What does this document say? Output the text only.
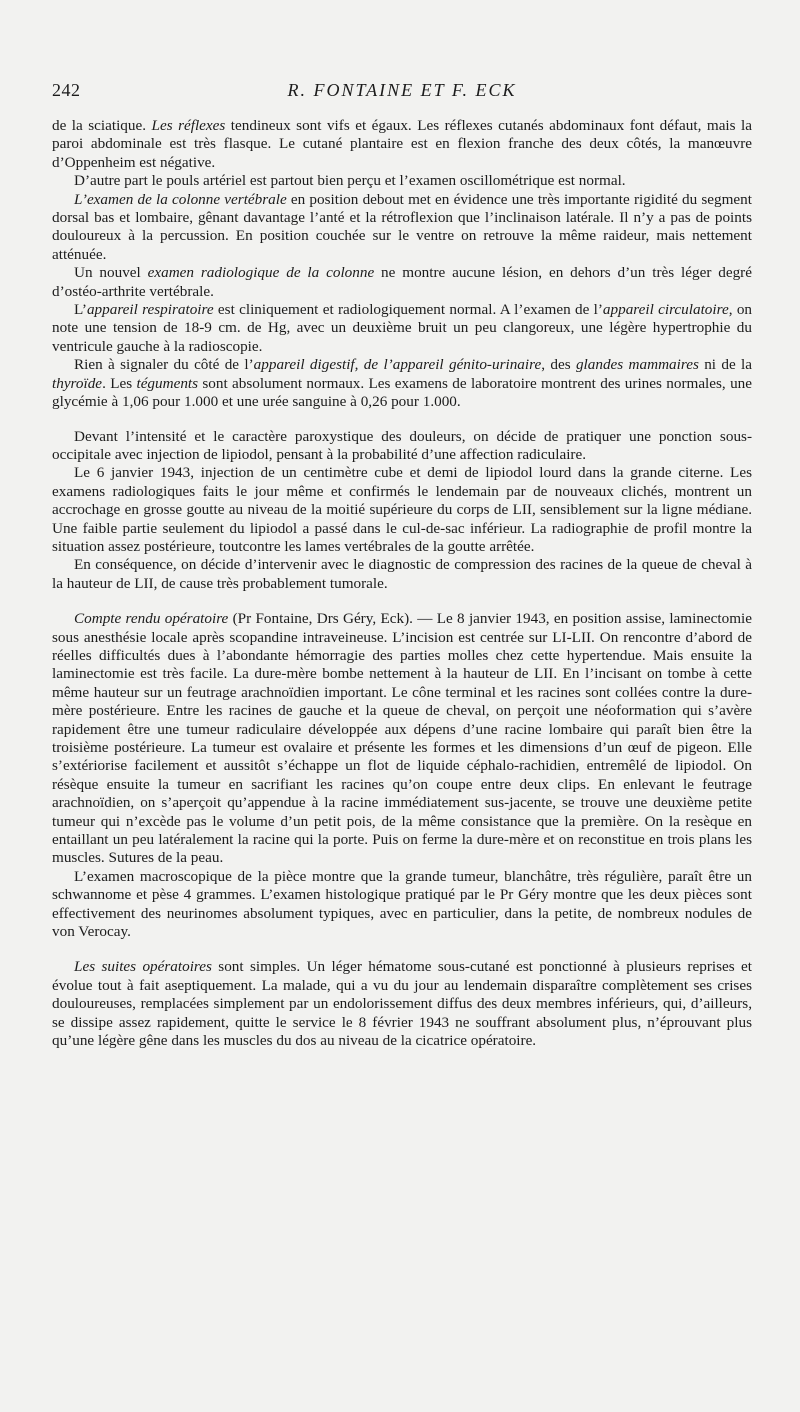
242	R. FONTAINE ET F. ECK

de la sciatique. Les réflexes tendineux sont vifs et égaux. Les réflexes cutanés abdominaux font défaut, mais la paroi abdominale est très flasque. Le cutané plantaire est en flexion franche des deux côtés, la manœuvre d’Oppenheim est négative.

D’autre part le pouls artériel est partout bien perçu et l’examen oscillométrique est normal.

L’examen de la colonne vertébrale en position debout met en évidence une très importante rigidité du segment dorsal bas et lombaire, gênant davantage l’anté et la rétroflexion que l’inclinaison latérale. Il n’y a pas de points douloureux à la percussion. En position couchée sur le ventre on retrouve la même raideur, mais nettement atténuée.

Un nouvel examen radiologique de la colonne ne montre aucune lésion, en dehors d’un très léger degré d’ostéo-arthrite vertébrale.

L’appareil respiratoire est cliniquement et radiologiquement normal. A l’examen de l’appareil circulatoire, on note une tension de 18-9 cm. de Hg, avec un deuxième bruit un peu clangoreux, une légère hypertrophie du ventricule gauche à la radioscopie.

Rien à signaler du côté de l’appareil digestif, de l’appareil génito-urinaire, des glandes mammaires ni de la thyroïde. Les téguments sont absolument normaux. Les examens de laboratoire montrent des urines normales, une glycémie à 1,06 pour 1.000 et une urée sanguine à 0,26 pour 1.000.

Devant l’intensité et le caractère paroxystique des douleurs, on décide de pratiquer une ponction sous-occipitale avec injection de lipiodol, pensant à la probabilité d’une affection radiculaire.

Le 6 janvier 1943, injection de un centimètre cube et demi de lipiodol lourd dans la grande citerne. Les examens radiologiques faits le jour même et confirmés le lendemain par de nouveaux clichés, montrent un accrochage en grosse goutte au niveau de la moitié supérieure du corps de LII, sensiblement sur la ligne médiane. Une faible partie seulement du lipiodol a passé dans le cul-de-sac inférieur. La radiographie de profil montre la situation assez postérieure, toutcontre les lames vertébrales de la goutte arrêtée.

En conséquence, on décide d’intervenir avec le diagnostic de compression des racines de la queue de cheval à la hauteur de LII, de cause très probablement tumorale.

Compte rendu opératoire (Pr Fontaine, Drs Géry, Eck). — Le 8 janvier 1943, en position assise, laminectomie sous anesthésie locale après scopandine intraveineuse. L’incision est centrée sur LI-LII. On rencontre d’abord de réelles difficultés dues à l’abondante hémorragie des parties molles chez cette hypertendue. Mais ensuite la laminectomie est très facile. La dure-mère bombe nettement à la hauteur de LII. En l’incisant on tombe à cette même hauteur sur un feutrage arachnoïdien important. Le cône terminal et les racines sont collées contre la dure-mère postérieure. Entre les racines de gauche et la queue de cheval, on perçoit une néoformation qui s’avère rapidement être une tumeur radiculaire développée aux dépens d’une racine lombaire qui paraît bien être la troisième postérieure. La tumeur est ovalaire et présente les formes et les dimensions d’un œuf de pigeon. Elle s’extériorise facilement et aussitôt s’échappe un flot de liquide céphalo-rachidien, entremêlé de lipiodol. On résèque ensuite la tumeur en sacrifiant les racines qu’on coupe entre deux clips. En enlevant le feutrage arachnoïdien, on s’aperçoit qu’appendue à la racine immédiatement sus-jacente, se trouve une deuxième petite tumeur qui n’excède pas le volume d’un petit pois, de la même consistance que la première. On la resèque en entaillant un peu latéralement la racine qui la porte. Puis on ferme la dure-mère et on reconstitue en trois plans les muscles. Sutures de la peau.

L’examen macroscopique de la pièce montre que la grande tumeur, blanchâtre, très régulière, paraît être un schwannome et pèse 4 grammes. L’examen histologique pratiqué par le Pr Géry montre que les deux pièces sont effectivement des neurinomes absolument typiques, avec en particulier, dans la petite, de nombreux nodules de von Verocay.

Les suites opératoires sont simples. Un léger hématome sous-cutané est ponctionné à plusieurs reprises et évolue tout à fait aseptiquement. La malade, qui a vu du jour au lendemain disparaître complètement ses crises douloureuses, remplacées simplement par un endolorissement diffus des deux membres inférieurs, qui, d’ailleurs, se dissipe assez rapidement, quitte le service le 8 février 1943 ne souffrant absolument plus, n’éprouvant plus qu’une légère gêne dans les muscles du dos au niveau de la cicatrice opératoire.
